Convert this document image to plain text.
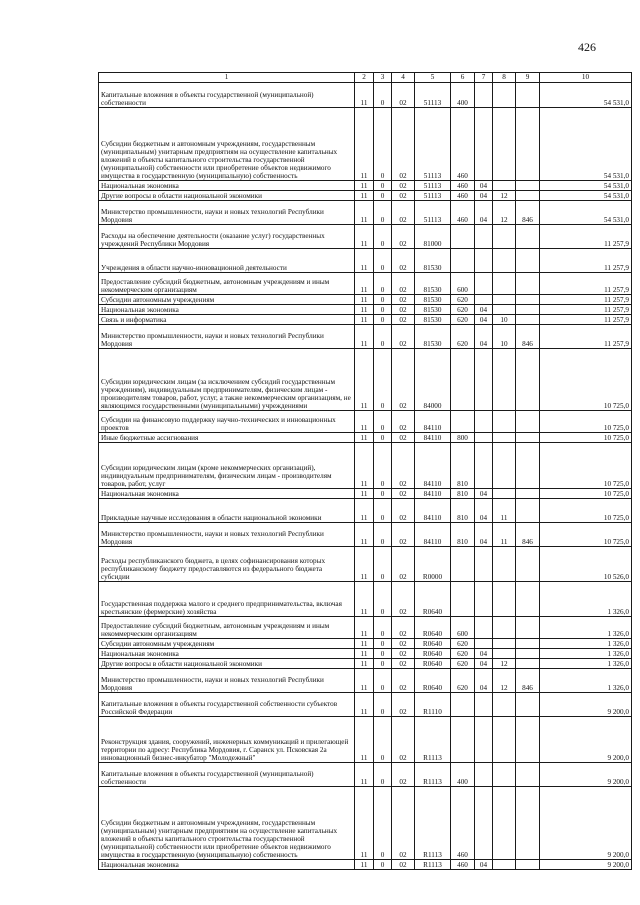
426
1	2	3	4	5	6	7	8	9	10
Капитальные вложения в объекты государственной (муниципальной) собственности	11	0	02	51113	400				54 531,0
Субсидии бюджетным и автономным учреждениям, государственным (муниципальным) унитарным предприятиям на осуществление капитальных вложений в объекты капитального строительства государственной (муниципальной) собственности или приобретение объектов недвижимого имущества в государственную (муниципальную) собственность	11	0	02	51113	460				54 531,0
Национальная экономика	11	0	02	51113	460	04			54 531,0
Другие вопросы в области национальной экономики	11	0	02	51113	460	04	12		54 531,0
Министерство промышленности, науки и новых технологий Республики Мордовия	11	0	02	51113	460	04	12	846	54 531,0
Расходы на обеспечение деятельности (оказание услуг) государственных учреждений Республики Мордовия	11	0	02	81000					11 257,9
Учреждения в области научно-инновационной деятельности	11	0	02	81530					11 257,9
Предоставление субсидий бюджетным, автономным учреждениям и иным некоммерческим организациям	11	0	02	81530	600				11 257,9
Субсидии автономным учреждениям	11	0	02	81530	620				11 257,9
Национальная экономика	11	0	02	81530	620	04			11 257,9
Связь и информатика	11	0	02	81530	620	04	10		11 257,9
Министерство промышленности, науки и новых технологий Республики Мордовия	11	0	02	81530	620	04	10	846	11 257,9
Субсидии юридическим лицам (за исключением субсидий государственным учреждениям), индивидуальным предпринимателям, физическим лицам - производителям товаров, работ, услуг, а также некоммерческим организациям, не являющимся государственными (муниципальными) учреждениями	11	0	02	84000					10 725,0
Субсидии на финансовую поддержку научно-технических и инновационных проектов	11	0	02	84110					10 725,0
Иные бюджетные ассигнования	11	0	02	84110	800				10 725,0
Субсидии юридическим лицам (кроме некоммерческих организаций), индивидуальным предпринимателям, физическим лицам - производителям товаров, работ, услуг	11	0	02	84110	810				10 725,0
Национальная экономика	11	0	02	84110	810	04			10 725,0
Прикладные научные исследования в области национальной экономики	11	0	02	84110	810	04	11		10 725,0
Министерство промышленности, науки и новых технологий Республики Мордовия	11	0	02	84110	810	04	11	846	10 725,0
Расходы республиканского бюджета, в целях софинансирования которых республиканскому бюджету предоставляются из федерального бюджета субсидии	11	0	02	R0000					10 526,0
Государственная поддержка малого и среднего предпринимательства, включая крестьянские (фермерские) хозяйства	11	0	02	R0640					1 326,0
Предоставление субсидий бюджетным, автономным учреждениям и иным некоммерческим организациям	11	0	02	R0640	600				1 326,0
Субсидии автономным учреждениям	11	0	02	R0640	620				1 326,0
Национальная экономика	11	0	02	R0640	620	04			1 326,0
Другие вопросы в области национальной экономики	11	0	02	R0640	620	04	12		1 326,0
Министерство промышленности, науки и новых технологий Республики Мордовия	11	0	02	R0640	620	04	12	846	1 326,0
Капитальные вложения в объекты государственной собственности субъектов Российской Федерации	11	0	02	R1110					9 200,0
Реконструкция здания, сооружений, инженерных коммуникаций и прилегающей территории по адресу: Республика Мордовия, г. Саранск ул. Псковская 2а инновационный бизнес-инкубатор "Молодежный"	11	0	02	R1113					9 200,0
Капитальные вложения в объекты государственной (муниципальной) собственности	11	0	02	R1113	400				9 200,0
Субсидии бюджетным и автономным учреждениям, государственным (муниципальным) унитарным предприятиям на осуществление капитальных вложений в объекты капитального строительства государственной (муниципальной) собственности или приобретение объектов недвижимого имущества в государственную (муниципальную) собственность	11	0	02	R1113	460				9 200,0
Национальная экономика	11	0	02	R1113	460	04			9 200,0
